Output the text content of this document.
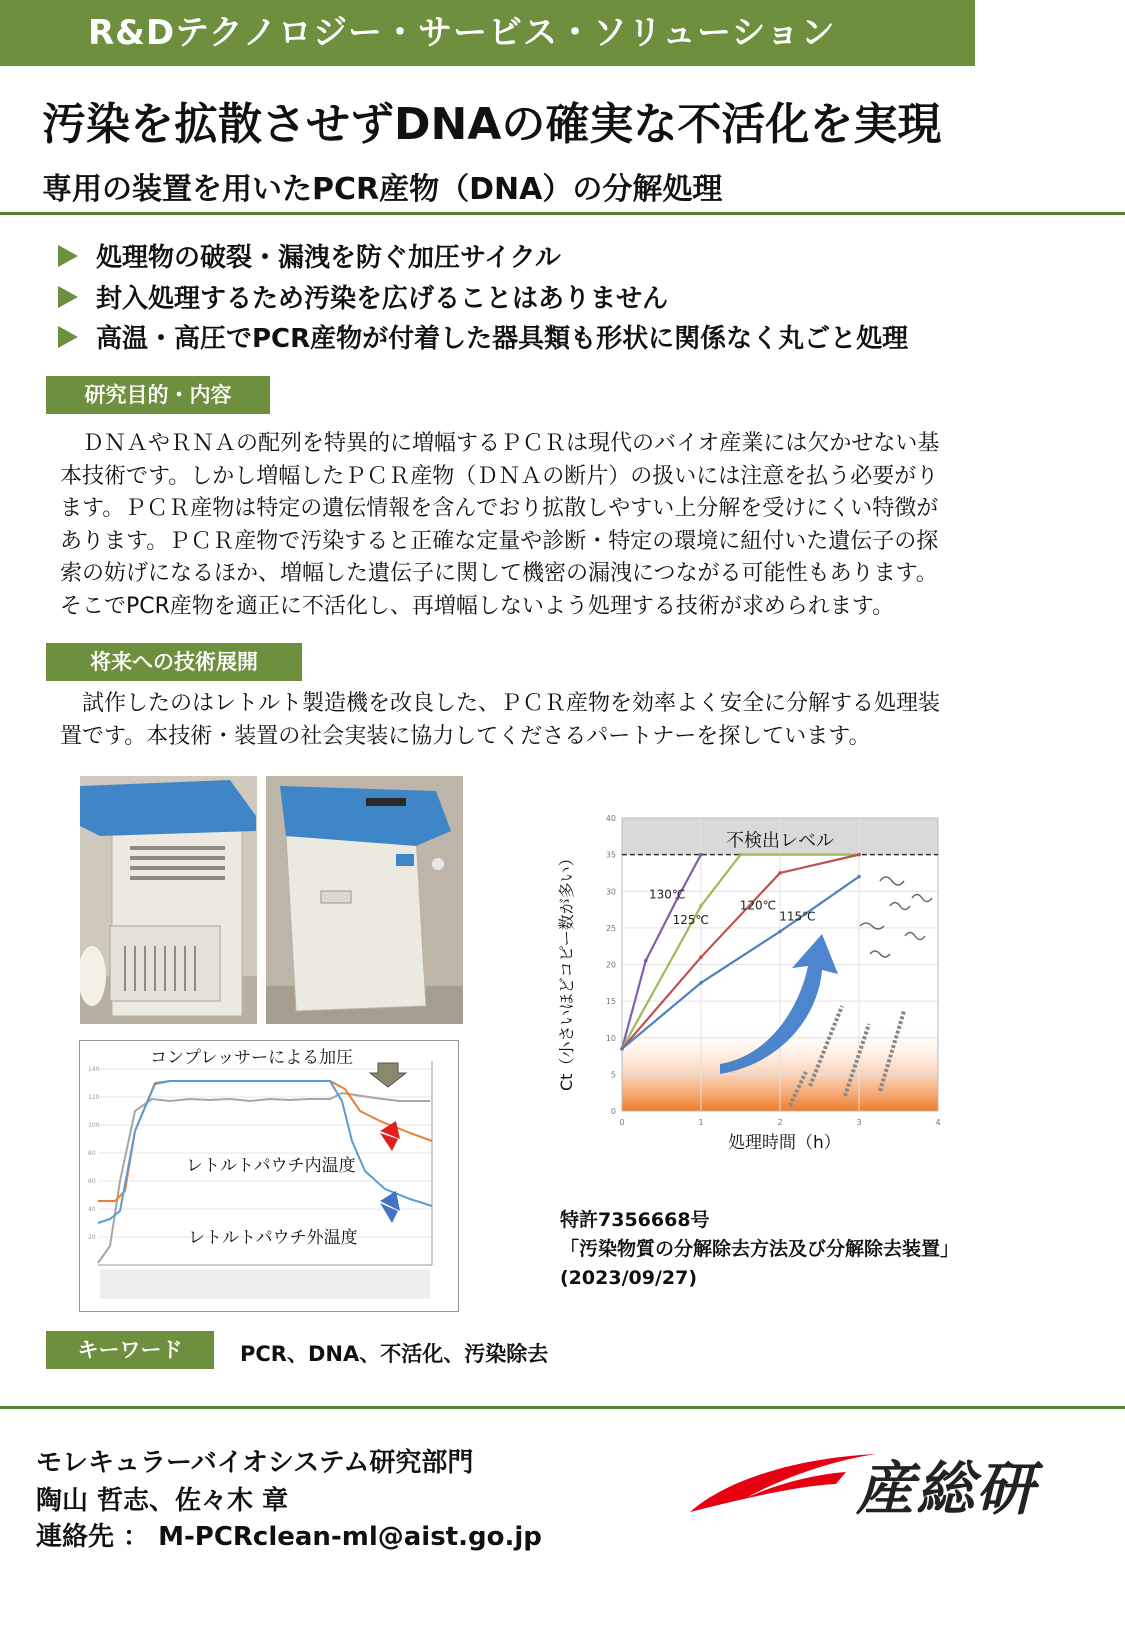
R&Dテクノロジー・サービス・ソリューション
汚染を拡散させずDNAの確実な不活化を実現
専用の装置を用いたPCR産物（DNA）の分解処理
処理物の破裂・漏洩を防ぐ加圧サイクル
封入処理するため汚染を広げることはありません
高温・高圧でPCR産物が付着した器具類も形状に関係なく丸ごと処理
研究目的・内容
　ＤＮＡやＲＮＡの配列を特異的に増幅するＰＣＲは現代のバイオ産業には欠かせない基
本技術です。しかし増幅したＰＣＲ産物（ＤＮＡの断片）の扱いには注意を払う必要がり
ます。ＰＣＲ産物は特定の遺伝情報を含んでおり拡散しやすい上分解を受けにくい特徴が
あります。ＰＣＲ産物で汚染すると正確な定量や診断・特定の環境に紐付いた遺伝子の探
索の妨げになるほか、増幅した遺伝子に関して機密の漏洩につながる可能性もあります。
そこでPCR産物を適正に不活化し、再増幅しないよう処理する技術が求められます。
将来への技術展開
　試作したのはレトルト製造機を改良した、ＰＣＲ産物を効率よく安全に分解する処理装
置です。本技術・装置の社会実装に協力してくださるパートナーを探しています。
140
120
100
80
60
40
20
コンプレッサーによる加圧
レトルトパウチ内温度
レトルトパウチ外温度
0
5
10
15
20
25
30
35
40
0	1	2	3	4
不検出レベル
130℃
125℃
120℃
115℃
Ct（小さいほどコピー数が多い）
処理時間（h）
特許7356668号
「汚染物質の分解除去方法及び分解除去装置」
(2023/09/27)
キーワード	PCR、DNA、不活化、汚染除去
モレキュラーバイオシステム研究部門
陶山 哲志、佐々木 章
連絡先 ： M-PCRclean-ml@aist.go.jp
産総研
